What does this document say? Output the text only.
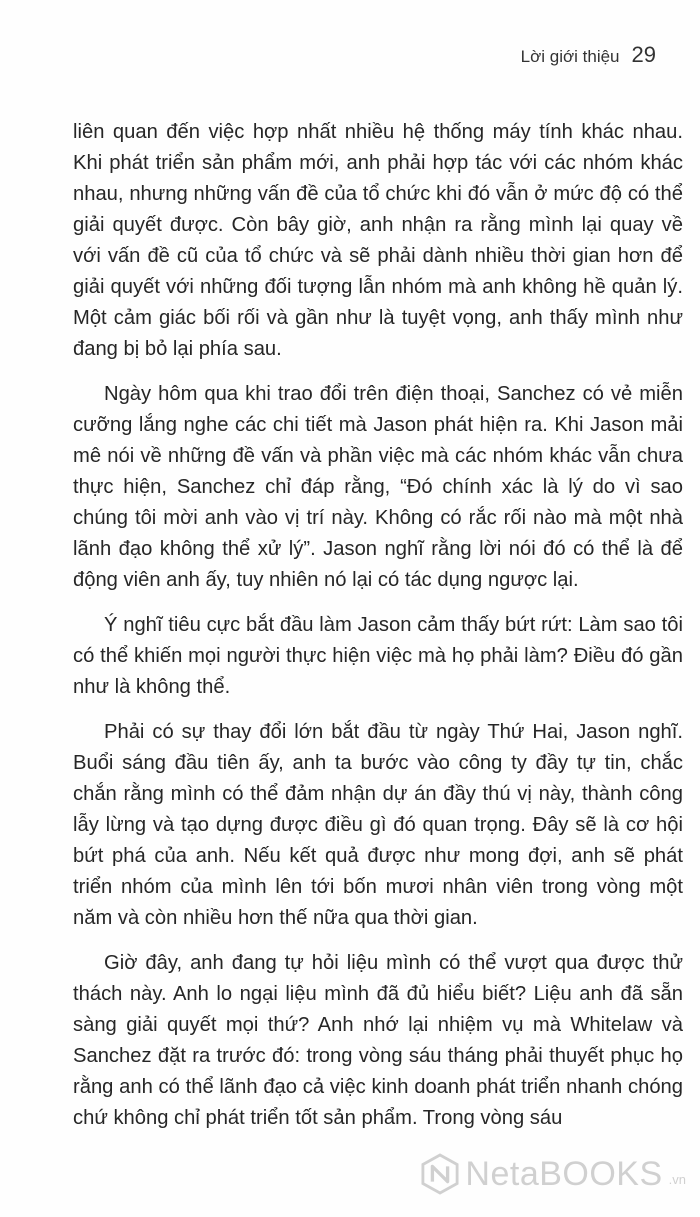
Lời giới thiệu 29

liên quan đến việc hợp nhất nhiều hệ thống máy tính khác nhau. Khi phát triển sản phẩm mới, anh phải hợp tác với các nhóm khác nhau, nhưng những vấn đề của tổ chức khi đó vẫn ở mức độ có thể giải quyết được. Còn bây giờ, anh nhận ra rằng mình lại quay về với vấn đề cũ của tổ chức và sẽ phải dành nhiều thời gian hơn để giải quyết với những đối tượng lẫn nhóm mà anh không hề quản lý. Một cảm giác bối rối và gần như là tuyệt vọng, anh thấy mình như đang bị bỏ lại phía sau.

Ngày hôm qua khi trao đổi trên điện thoại, Sanchez có vẻ miễn cưỡng lắng nghe các chi tiết mà Jason phát hiện ra. Khi Jason mải mê nói về những đề vấn và phần việc mà các nhóm khác vẫn chưa thực hiện, Sanchez chỉ đáp rằng, “Đó chính xác là lý do vì sao chúng tôi mời anh vào vị trí này. Không có rắc rối nào mà một nhà lãnh đạo không thể xử lý”. Jason nghĩ rằng lời nói đó có thể là để động viên anh ấy, tuy nhiên nó lại có tác dụng ngược lại.

Ý nghĩ tiêu cực bắt đầu làm Jason cảm thấy bứt rứt: Làm sao tôi có thể khiến mọi người thực hiện việc mà họ phải làm? Điều đó gần như là không thể.

Phải có sự thay đổi lớn bắt đầu từ ngày Thứ Hai, Jason nghĩ. Buổi sáng đầu tiên ấy, anh ta bước vào công ty đầy tự tin, chắc chắn rằng mình có thể đảm nhận dự án đầy thú vị này, thành công lẫy lừng và tạo dựng được điều gì đó quan trọng. Đây sẽ là cơ hội bứt phá của anh. Nếu kết quả được như mong đợi, anh sẽ phát triển nhóm của mình lên tới bốn mươi nhân viên trong vòng một năm và còn nhiều hơn thế nữa qua thời gian.

Giờ đây, anh đang tự hỏi liệu mình có thể vượt qua được thử thách này. Anh lo ngại liệu mình đã đủ hiểu biết? Liệu anh đã sẵn sàng giải quyết mọi thứ? Anh nhớ lại nhiệm vụ mà Whitelaw và Sanchez đặt ra trước đó: trong vòng sáu tháng phải thuyết phục họ rằng anh có thể lãnh đạo cả việc kinh doanh phát triển nhanh chóng chứ không chỉ phát triển tốt sản phẩm. Trong vòng sáu

NetaBOOKS .vn
